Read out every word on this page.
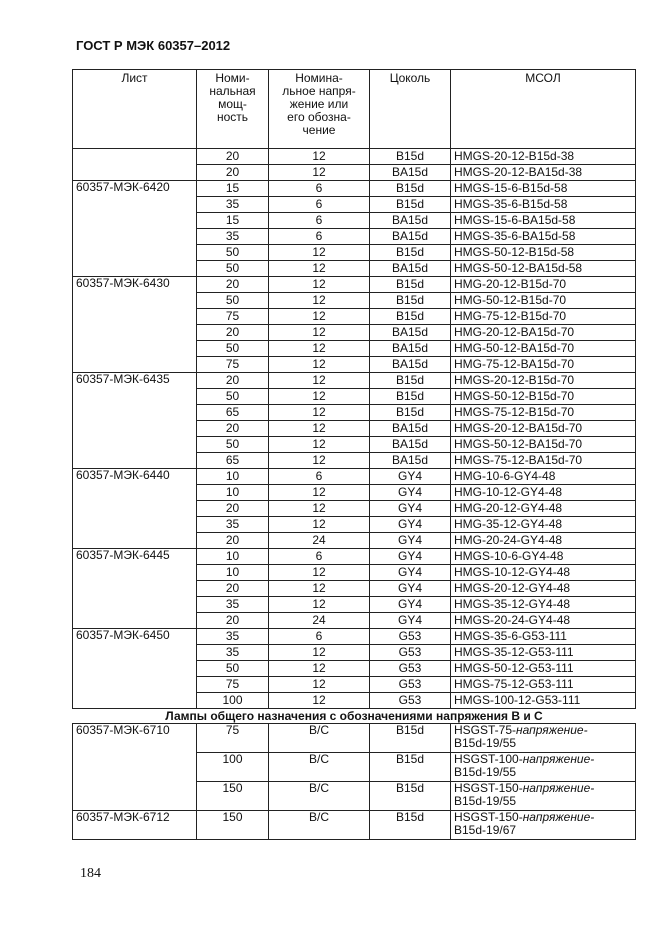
ГОСТ Р МЭК 60357–2012
Лист	Номи-
нальная
мощ-
ность	Номина-
льное напря-
жение или
его обозна-
чение	Цоколь	МСОЛ
	20	12	B15d	HMGS-20-12-B15d-38
	20	12	BA15d	HMGS-20-12-BA15d-38
60357-МЭК-6420	15	6	B15d	HMGS-15-6-B15d-58
	35	6	B15d	HMGS-35-6-B15d-58
	15	6	BA15d	HMGS-15-6-BA15d-58
	35	6	BA15d	HMGS-35-6-BA15d-58
	50	12	B15d	HMGS-50-12-B15d-58
	50	12	BA15d	HMGS-50-12-BA15d-58
60357-МЭК-6430	20	12	B15d	HMG-20-12-B15d-70
	50	12	B15d	HMG-50-12-B15d-70
	75	12	B15d	HMG-75-12-B15d-70
	20	12	BA15d	HMG-20-12-BA15d-70
	50	12	BA15d	HMG-50-12-BA15d-70
	75	12	BA15d	HMG-75-12-BA15d-70
60357-МЭК-6435	20	12	B15d	HMGS-20-12-B15d-70
	50	12	B15d	HMGS-50-12-B15d-70
	65	12	B15d	HMGS-75-12-B15d-70
	20	12	BA15d	HMGS-20-12-BA15d-70
	50	12	BA15d	HMGS-50-12-BA15d-70
	65	12	BA15d	HMGS-75-12-BA15d-70
60357-МЭК-6440	10	6	GY4	HMG-10-6-GY4-48
	10	12	GY4	HMG-10-12-GY4-48
	20	12	GY4	HMG-20-12-GY4-48
	35	12	GY4	HMG-35-12-GY4-48
	20	24	GY4	HMG-20-24-GY4-48
60357-МЭК-6445	10	6	GY4	HMGS-10-6-GY4-48
	10	12	GY4	HMGS-10-12-GY4-48
	20	12	GY4	HMGS-20-12-GY4-48
	35	12	GY4	HMGS-35-12-GY4-48
	20	24	GY4	HMGS-20-24-GY4-48
60357-МЭК-6450	35	6	G53	HMGS-35-6-G53-111
	35	12	G53	HMGS-35-12-G53-111
	50	12	G53	HMGS-50-12-G53-111
	75	12	G53	HMGS-75-12-G53-111
	100	12	G53	HMGS-100-12-G53-111
Лампы общего назначения с обозначениями напряжения В и С				
60357-МЭК-6710	75	B/C	B15d	HSGST-75-напряжение-
B15d-19/55
	100	B/C	B15d	HSGST-100-напряжение-
B15d-19/55
	150	B/C	B15d	HSGST-150-напряжение-
B15d-19/55
60357-МЭК-6712	150	B/C	B15d	HSGST-150-напряжение-
B15d-19/67
184
